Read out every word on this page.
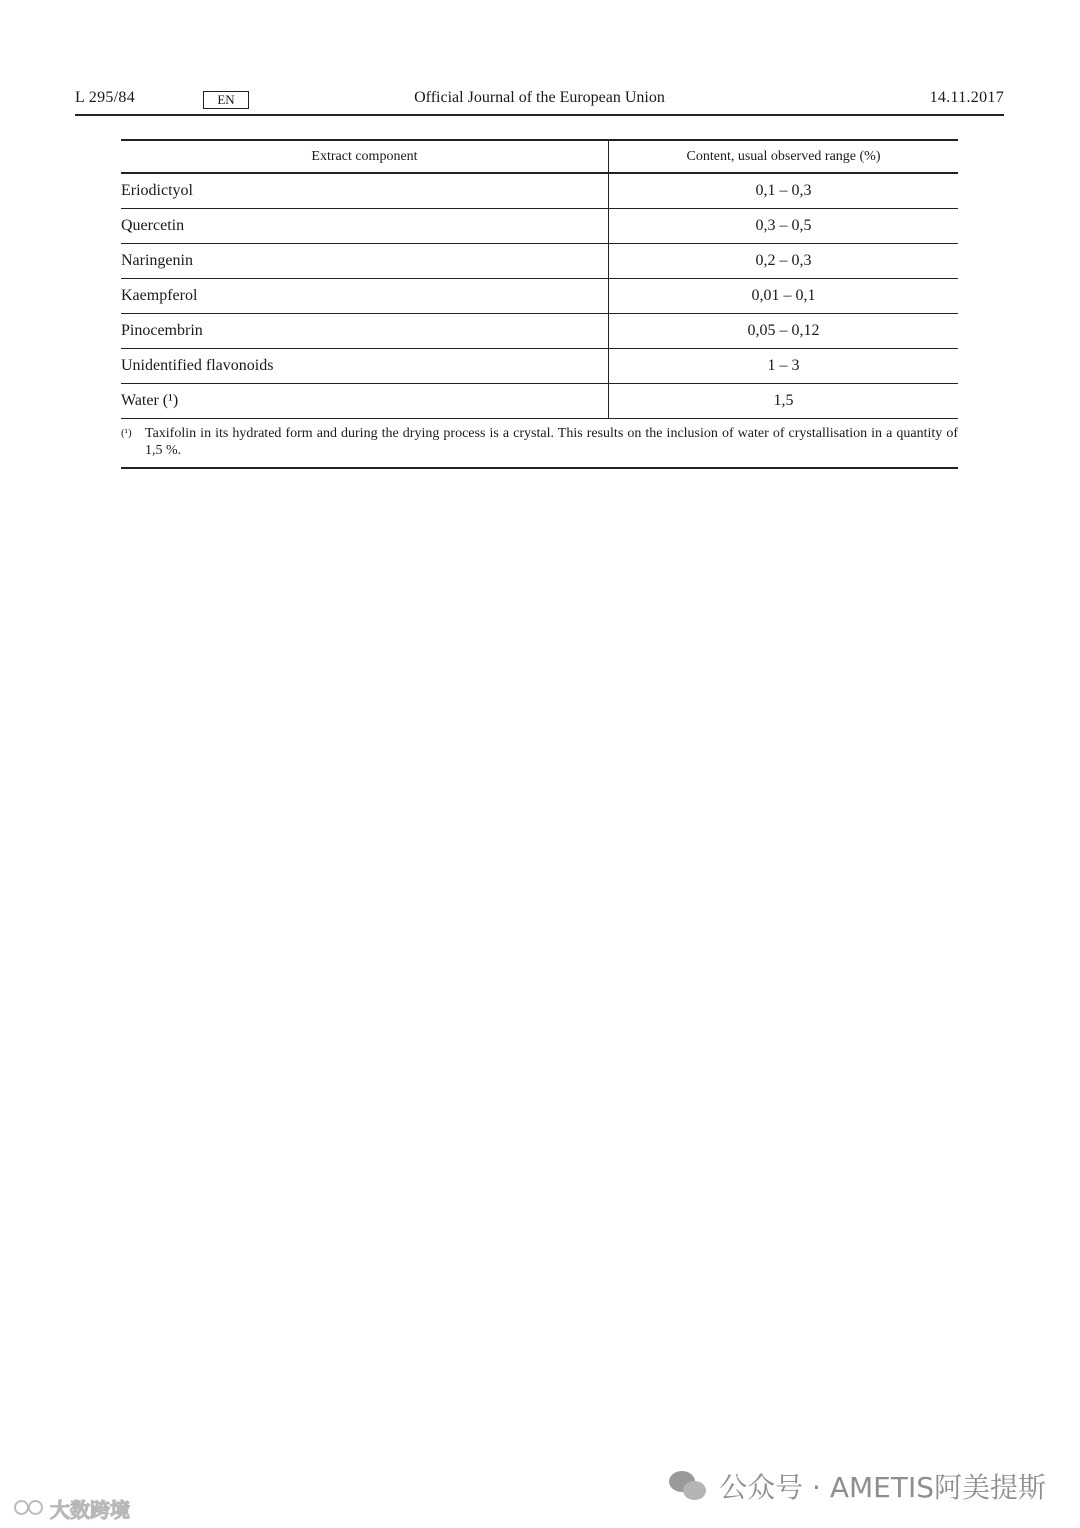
L 295/84	EN	Official Journal of the European Union	14.11.2017
Extract component	Content, usual observed range (%)
Eriodictyol	0,1 – 0,3
Quercetin	0,3 – 0,5
Naringenin	0,2 – 0,3
Kaempferol	0,01 – 0,1
Pinocembrin	0,05 – 0,12
Unidentified flavonoids	1 – 3
Water (¹)	1,5

(¹) Taxifolin in its hydrated form and during the drying process is a crystal. This results on the inclusion of water of crystallisation in a quantity of 1,5 %.	
公众号 · AMETIS阿美提斯
大数跨境
